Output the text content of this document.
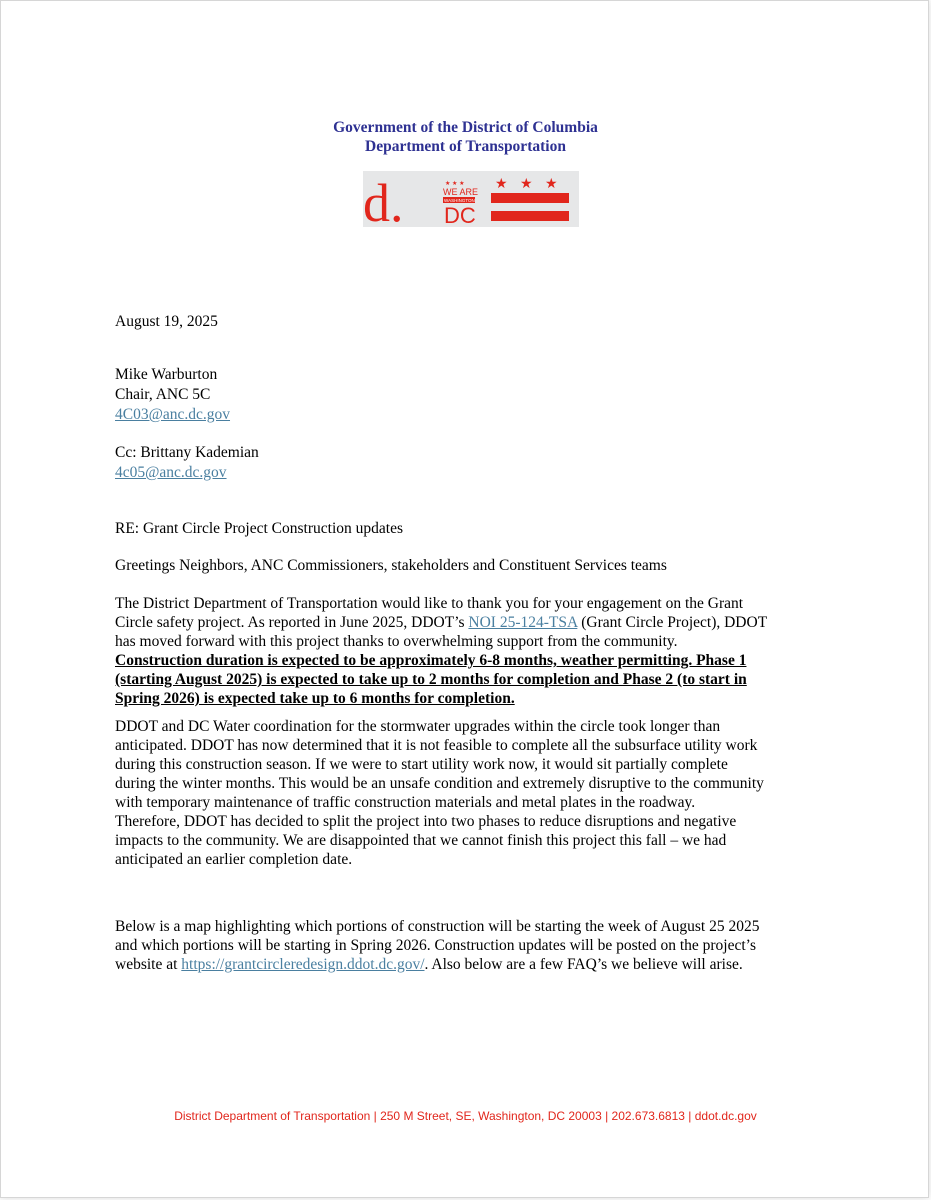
Government of the District of Columbia
Department of Transportation
d.	★ ★ ★
WE ARE
WASHINGTON
DC
★ ★ ★
August 19, 2025
Mike Warburton
Chair, ANC 5C
4C03@anc.dc.gov
Cc: Brittany Kademian
4c05@anc.dc.gov
RE: Grant Circle Project Construction updates
Greetings Neighbors, ANC Commissioners, stakeholders and Constituent Services teams
The District Department of Transportation would like to thank you for your engagement on the Grant
Circle safety project. As reported in June 2025, DDOT’s NOI 25-124-TSA (Grant Circle Project), DDOT
has moved forward with this project thanks to overwhelming support from the community.
Construction duration is expected to be approximately 6-8 months, weather permitting. Phase 1
(starting August 2025) is expected to take up to 2 months for completion and Phase 2 (to start in
Spring 2026) is expected take up to 6 months for completion.
DDOT and DC Water coordination for the stormwater upgrades within the circle took longer than
anticipated. DDOT has now determined that it is not feasible to complete all the subsurface utility work
during this construction season. If we were to start utility work now, it would sit partially complete
during the winter months. This would be an unsafe condition and extremely disruptive to the community
with temporary maintenance of traffic construction materials and metal plates in the roadway.
Therefore, DDOT has decided to split the project into two phases to reduce disruptions and negative
impacts to the community. We are disappointed that we cannot finish this project this fall – we had
anticipated an earlier completion date.
Below is a map highlighting which portions of construction will be starting the week of August 25 2025
and which portions will be starting in Spring 2026. Construction updates will be posted on the project’s
website at https://grantcircleredesign.ddot.dc.gov/. Also below are a few FAQ’s we believe will arise.
District Department of Transportation | 250 M Street, SE, Washington, DC 20003 | 202.673.6813 | ddot.dc.gov
